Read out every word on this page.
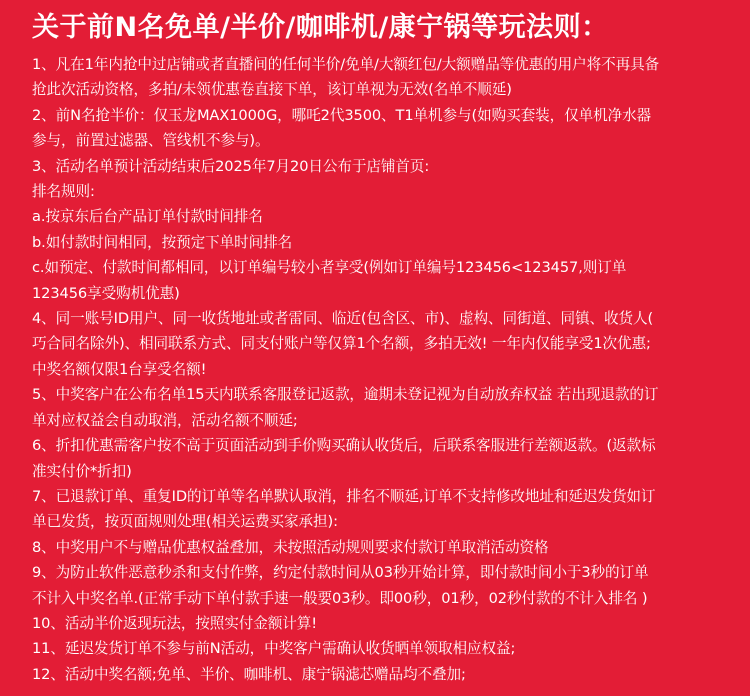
关于前N名免单/半价/咖啡机/康宁锅等玩法则：
1、凡在1年内抢中过店铺或者直播间的任何半价/免单/大额红包/大额赠品等优惠的用户将不再具备
抢此次活动资格，多拍/未领优惠卷直接下单，该订单视为无效(名单不顺延)
2、前N名抢半价：仅玉龙MAX1000G，哪吒2代3500、T1单机参与(如购买套装，仅单机净水器
参与，前置过滤器、管线机不参与)。
3、活动名单预计活动结束后2025年7月20日公布于店铺首页:
排名规则:
a.按京东后台产品订单付款时间排名
b.如付款时间相同，按预定下单时间排名
c.如预定、付款时间都相同，以订单编号较小者享受(例如订单编号123456<123457,则订单
123456享受购机优惠)
4、同一账号ID用户、同一收货地址或者雷同、临近(包含区、市)、虚构、同街道、同镇、收货人(
巧合同名除外)、相同联系方式、同支付账户等仅算1个名额，多拍无效! 一年内仅能享受1次优惠;
中奖名额仅限1台享受名额!
5、中奖客户在公布名单15天内联系客服登记返款，逾期未登记视为自动放弃权益 若出现退款的订
单对应权益会自动取消，活动名额不顺延;
6、折扣优惠需客户按不高于页面活动到手价购买确认收货后，后联系客服进行差额返款。(返款标
准实付价*折扣)
7、已退款订单、重复ID的订单等名单默认取消，排名不顺延,订单不支持修改地址和延迟发货如订
单已发货，按页面规则处理(相关运费买家承担):
8、中奖用户不与赠品优惠权益叠加，未按照活动规则要求付款订单取消活动资格
9、为防止软件恶意秒杀和支付作弊，约定付款时间从03秒开始计算，即付款时间小于3秒的订单
不计入中奖名单.(正常手动下单付款手速一般要03秒。即00秒，01秒，02秒付款的不计入排名 )
10、活动半价返现玩法，按照实付金额计算!
11、延迟发货订单不参与前N活动，中奖客户需确认收货晒单领取相应权益;
12、活动中奖名额;免单、半价、咖啡机、康宁锅滤芯赠品均不叠加;
